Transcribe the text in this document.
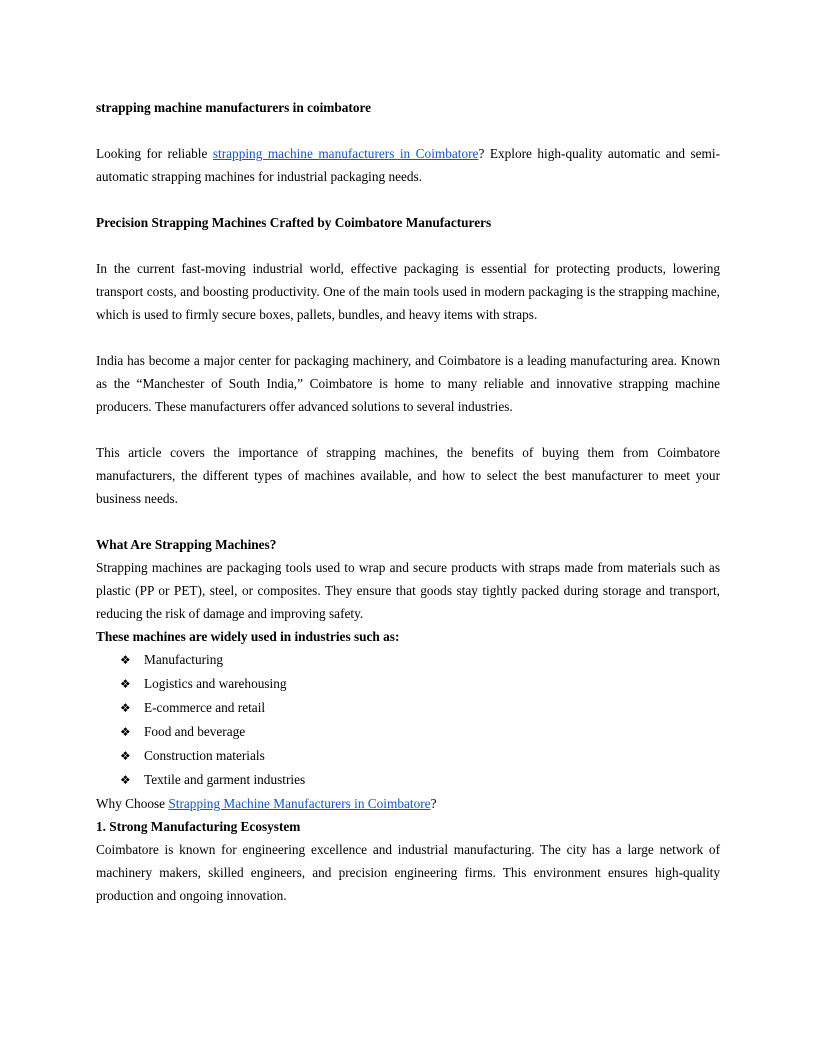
strapping machine manufacturers in coimbatore

Looking for reliable strapping machine manufacturers in Coimbatore? Explore high-quality automatic and semi-automatic strapping machines for industrial packaging needs.

Precision Strapping Machines Crafted by Coimbatore Manufacturers

In the current fast-moving industrial world, effective packaging is essential for protecting products, lowering transport costs, and boosting productivity. One of the main tools used in modern packaging is the strapping machine, which is used to firmly secure boxes, pallets, bundles, and heavy items with straps.

India has become a major center for packaging machinery, and Coimbatore is a leading manufacturing area. Known as the “Manchester of South India,” Coimbatore is home to many reliable and innovative strapping machine producers. These manufacturers offer advanced solutions to several industries.

This article covers the importance of strapping machines, the benefits of buying them from Coimbatore manufacturers, the different types of machines available, and how to select the best manufacturer to meet your business needs.

What Are Strapping Machines?

Strapping machines are packaging tools used to wrap and secure products with straps made from materials such as plastic (PP or PET), steel, or composites. They ensure that goods stay tightly packed during storage and transport, reducing the risk of damage and improving safety.

These machines are widely used in industries such as:

❖ Manufacturing
❖ Logistics and warehousing
❖ E-commerce and retail
❖ Food and beverage
❖ Construction materials
❖ Textile and garment industries

Why Choose Strapping Machine Manufacturers in Coimbatore?

1. Strong Manufacturing Ecosystem

Coimbatore is known for engineering excellence and industrial manufacturing. The city has a large network of machinery makers, skilled engineers, and precision engineering firms. This environment ensures high-quality production and ongoing innovation.
